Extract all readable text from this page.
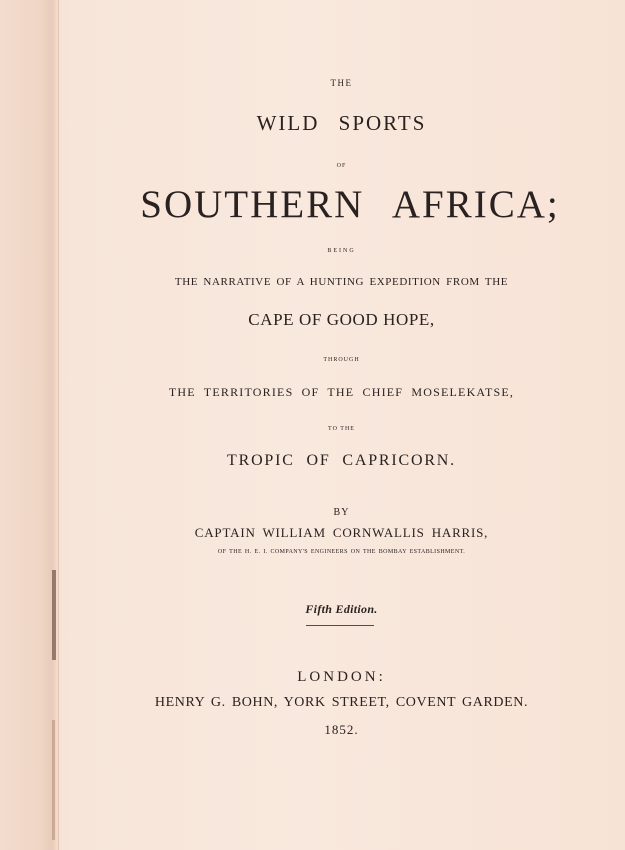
THE

WILD SPORTS

OF

SOUTHERN AFRICA;

BEING

THE NARRATIVE OF A HUNTING EXPEDITION FROM THE

CAPE OF GOOD HOPE,

THROUGH

THE TERRITORIES OF THE CHIEF MOSELEKATSE,

TO THE

TROPIC OF CAPRICORN.

BY

CAPTAIN WILLIAM CORNWALLIS HARRIS,

OF THE H. E. I. COMPANY'S ENGINEERS ON THE BOMBAY ESTABLISHMENT.

Fifth Edition.

LONDON:

HENRY G. BOHN, YORK STREET, COVENT GARDEN.

1852.
